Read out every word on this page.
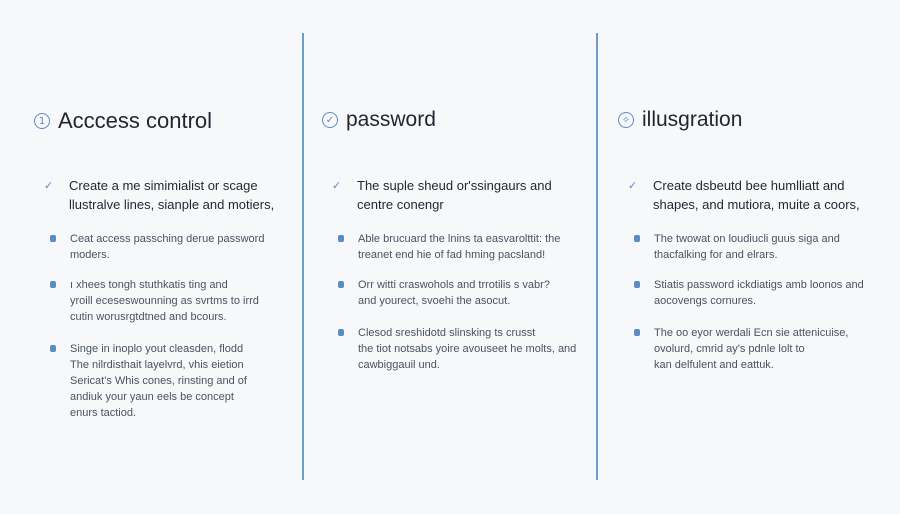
1 Acccess control
✓ Create a me simimialist or scage llustralve lines, sianple and motiers,
Ceat access passching derue password
moders.
ı xhees tongh stuthkatis ting and
yroill eceseswounning as svrtms to irrd
cutin worusrgtdtned and bcours.
Singe in inoplo yout cleasden, flodd
The nilrdisthait layelvrd, vhis eietion
Sericat's Whis cones, rinsting and of
andiuk your yaun eels be concept
enurs tactiod.
✓ password
✓ The suple sheud or'ssingaurs and centre conengr
Able brucuard the lnins ta easvarolttit: the
treanet end hie of fad hming pacsland!
Orr witti craswohols and trrotilis s vabr?
and yourect, svoehi the asocut.
Clesod sreshidotd slinsking ts crusst
the tiot notsabs yoire avouseet he molts, and
cawbiggauil und.
✧ illusgration
✓ Create dsbeutd bee humlliatt and shapes, and mutiora, muite a coors,
The twowat on loudiucli guus siga and
thacfalking for and elrars.
Stiatis password ickdiatigs amb loonos and
aocovengs cornures.
The oo eyor werdali Ecn sie attenicuise,
ovolurd, cmrid ay's pdnle lolt to
kan delfulent and eattuk.
